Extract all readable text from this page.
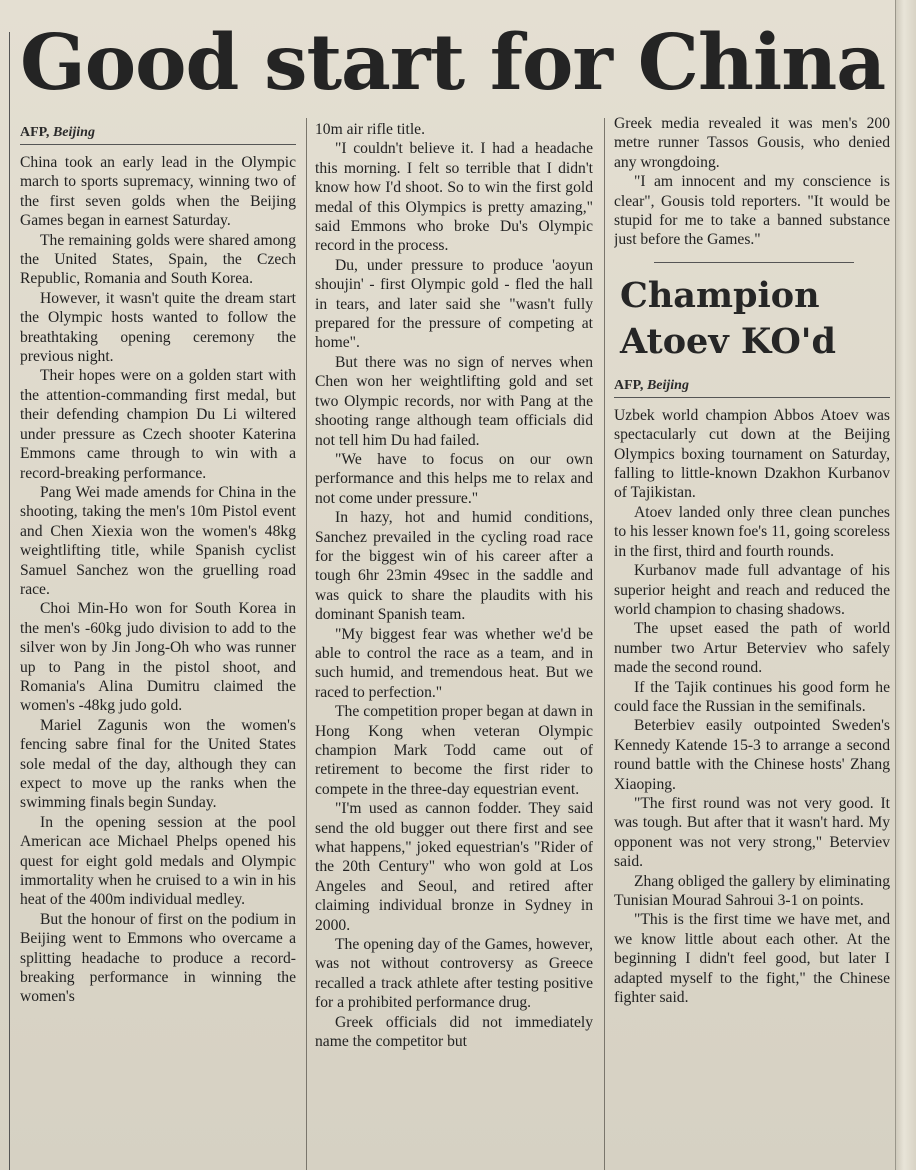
Good start for China
AFP, Beijing

China took an early lead in the Olympic march to sports supremacy, winning two of the first seven golds when the Beijing Games began in earnest Saturday.

The remaining golds were shared among the United States, Spain, the Czech Republic, Romania and South Korea.

However, it wasn't quite the dream start the Olympic hosts wanted to follow the breathtaking opening ceremony the previous night.

Their hopes were on a golden start with the attention-commanding first medal, but their defending champion Du Li wiltered under pressure as Czech shooter Katerina Emmons came through to win with a record-breaking performance.

Pang Wei made amends for China in the shooting, taking the men's 10m Pistol event and Chen Xiexia won the women's 48kg weightlifting title, while Spanish cyclist Samuel Sanchez won the gruelling road race.

Choi Min-Ho won for South Korea in the men's -60kg judo division to add to the silver won by Jin Jong-Oh who was runner up to Pang in the pistol shoot, and Romania's Alina Dumitru claimed the women's -48kg judo gold.

Mariel Zagunis won the women's fencing sabre final for the United States sole medal of the day, although they can expect to move up the ranks when the swimming finals begin Sunday.

In the opening session at the pool American ace Michael Phelps opened his quest for eight gold medals and Olympic immortality when he cruised to a win in his heat of the 400m individual medley.

But the honour of first on the podium in Beijing went to Emmons who overcame a splitting headache to produce a record-breaking performance in winning the women's

10m air rifle title.

"I couldn't believe it. I had a headache this morning. I felt so terrible that I didn't know how I'd shoot. So to win the first gold medal of this Olympics is pretty amazing," said Emmons who broke Du's Olympic record in the process.

Du, under pressure to produce 'aoyun shoujin' - first Olympic gold - fled the hall in tears, and later said she "wasn't fully prepared for the pressure of competing at home".

But there was no sign of nerves when Chen won her weightlifting gold and set two Olympic records, nor with Pang at the shooting range although team officials did not tell him Du had failed.

"We have to focus on our own performance and this helps me to relax and not come under pressure."

In hazy, hot and humid conditions, Sanchez prevailed in the cycling road race for the biggest win of his career after a tough 6hr 23min 49sec in the saddle and was quick to share the plaudits with his dominant Spanish team.

"My biggest fear was whether we'd be able to control the race as a team, and in such humid, and tremendous heat. But we raced to perfection."

The competition proper began at dawn in Hong Kong when veteran Olympic champion Mark Todd came out of retirement to become the first rider to compete in the three-day equestrian event.

"I'm used as cannon fodder. They said send the old bugger out there first and see what happens," joked equestrian's "Rider of the 20th Century" who won gold at Los Angeles and Seoul, and retired after claiming individual bronze in Sydney in 2000.

The opening day of the Games, however, was not without controversy as Greece recalled a track athlete after testing positive for a prohibited performance drug.

Greek officials did not immediately name the competitor but

Greek media revealed it was men's 200 metre runner Tassos Gousis, who denied any wrongdoing.

"I am innocent and my conscience is clear", Gousis told reporters. "It would be stupid for me to take a banned substance just before the Games."

Champion
Atoev KO'd
AFP, Beijing

Uzbek world champion Abbos Atoev was spectacularly cut down at the Beijing Olympics boxing tournament on Saturday, falling to little-known Dzakhon Kurbanov of Tajikistan.

Atoev landed only three clean punches to his lesser known foe's 11, going scoreless in the first, third and fourth rounds.

Kurbanov made full advantage of his superior height and reach and reduced the world champion to chasing shadows.

The upset eased the path of world number two Artur Beterviev who safely made the second round.

If the Tajik continues his good form he could face the Russian in the semifinals.

Beterbiev easily outpointed Sweden's Kennedy Katende 15-3 to arrange a second round battle with the Chinese hosts' Zhang Xiaoping.

"The first round was not very good. It was tough. But after that it wasn't hard. My opponent was not very strong," Beterviev said.

Zhang obliged the gallery by eliminating Tunisian Mourad Sahroui 3-1 on points.

"This is the first time we have met, and we know little about each other. At the beginning I didn't feel good, but later I adapted myself to the fight," the Chinese fighter said.
